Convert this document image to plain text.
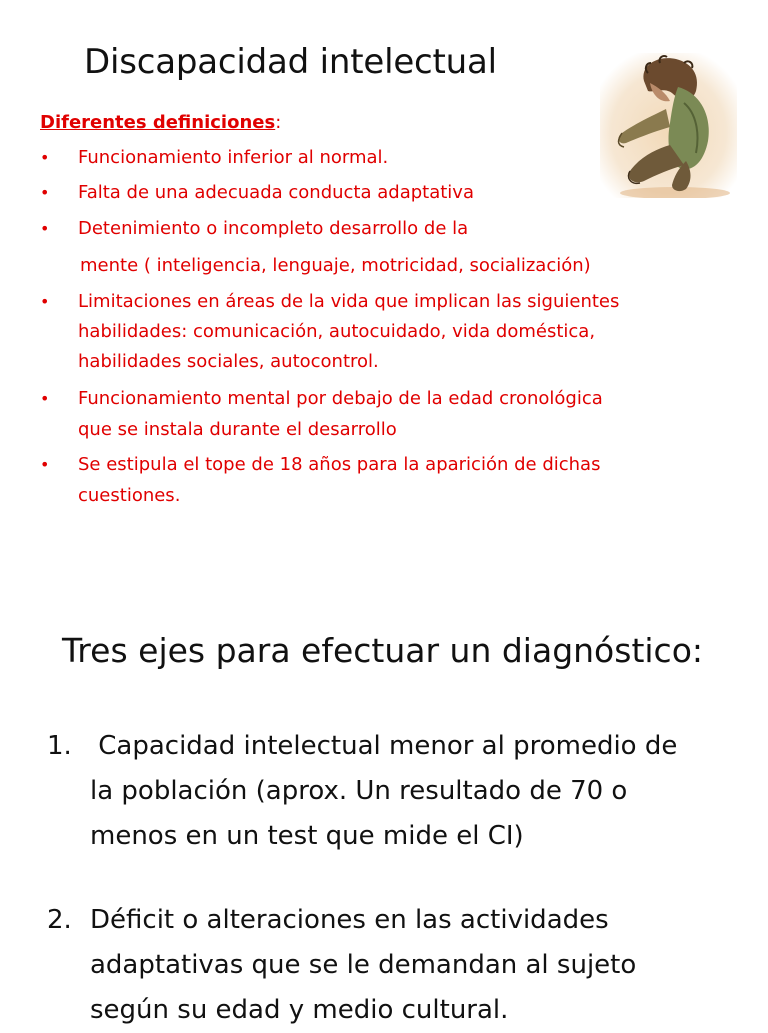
Discapacidad intelectual
Diferentes definiciones:
• Funcionamiento inferior al normal.
• Falta de una adecuada conducta adaptativa
• Detenimiento o incompleto desarrollo de la
mente ( inteligencia, lenguaje, motricidad, socialización)
• Limitaciones en áreas de la vida que implican las siguientes
habilidades: comunicación, autocuidado, vida doméstica,
habilidades sociales, autocontrol.
• Funcionamiento mental por debajo de la edad cronológica
que se instala durante el desarrollo
• Se estipula el tope de 18 años para la aparición de dichas
cuestiones.
Tres ejes para efectuar un diagnóstico:
1. Capacidad intelectual menor al promedio de
la población (aprox. Un resultado de 70 o
menos en un test que mide el CI)
2. Déficit o alteraciones en las actividades
adaptativas que se le demandan al sujeto
según su edad y medio cultural.
